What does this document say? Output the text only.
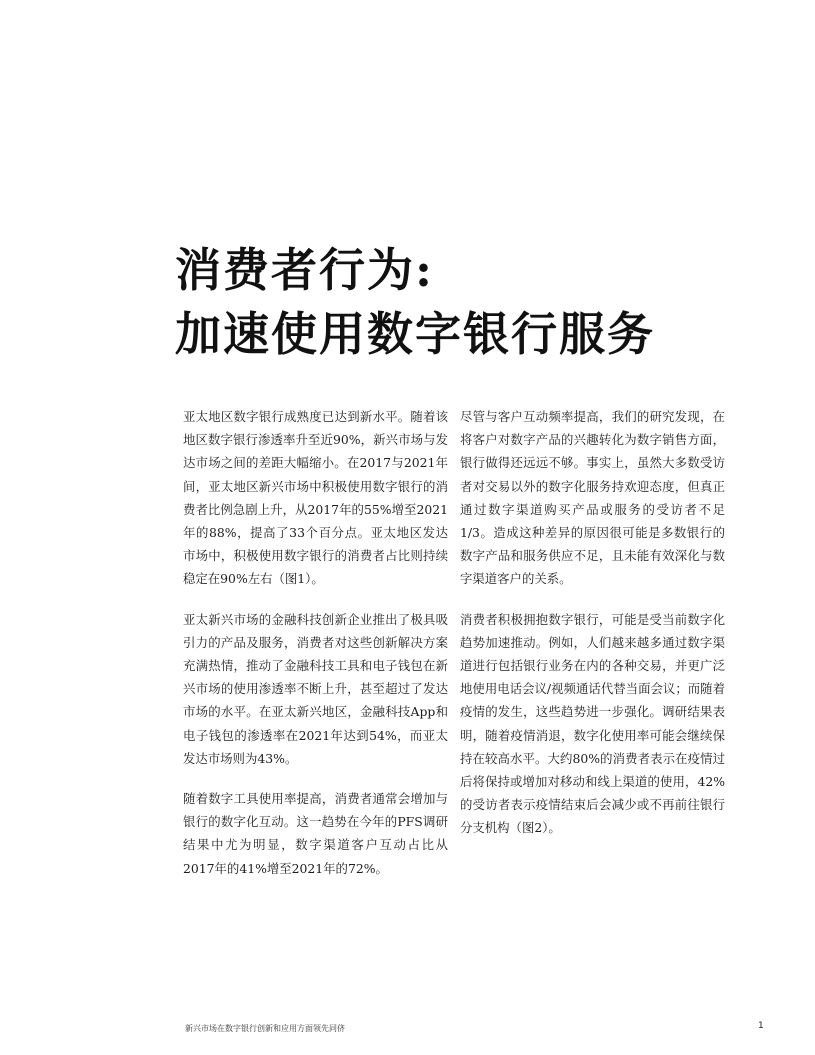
消费者行为:
加速使用数字银行服务

亚太地区数字银行成熟度已达到新水平。随着该地区数字银行渗透率升至近90%，新兴市场与发达市场之间的差距大幅缩小。在2017与2021年间，亚太地区新兴市场中积极使用数字银行的消费者比例急剧上升，从2017年的55%增至2021年的88%，提高了33个百分点。亚太地区发达市场中，积极使用数字银行的消费者占比则持续稳定在90%左右（图1）。

亚太新兴市场的金融科技创新企业推出了极具吸引力的产品及服务，消费者对这些创新解决方案充满热情，推动了金融科技工具和电子钱包在新兴市场的使用渗透率不断上升，甚至超过了发达市场的水平。在亚太新兴地区，金融科技App和电子钱包的渗透率在2021年达到54%，而亚太发达市场则为43%。

随着数字工具使用率提高，消费者通常会增加与银行的数字化互动。这一趋势在今年的PFS调研结果中尤为明显，数字渠道客户互动占比从2017年的41%增至2021年的72%。

尽管与客户互动频率提高，我们的研究发现，在将客户对数字产品的兴趣转化为数字销售方面，银行做得还远远不够。事实上，虽然大多数受访者对交易以外的数字化服务持欢迎态度，但真正通过数字渠道购买产品或服务的受访者不足1/3。造成这种差异的原因很可能是多数银行的数字产品和服务供应不足，且未能有效深化与数字渠道客户的关系。

消费者积极拥抱数字银行，可能是受当前数字化趋势加速推动。例如，人们越来越多通过数字渠道进行包括银行业务在内的各种交易，并更广泛地使用电话会议/视频通话代替当面会议；而随着疫情的发生，这些趋势进一步强化。调研结果表明，随着疫情消退，数字化使用率可能会继续保持在较高水平。大约80%的消费者表示在疫情过后将保持或增加对移动和线上渠道的使用，42%的受访者表示疫情结束后会减少或不再前往银行分支机构（图2）。

新兴市场在数字银行创新和应用方面领先同侪	1
